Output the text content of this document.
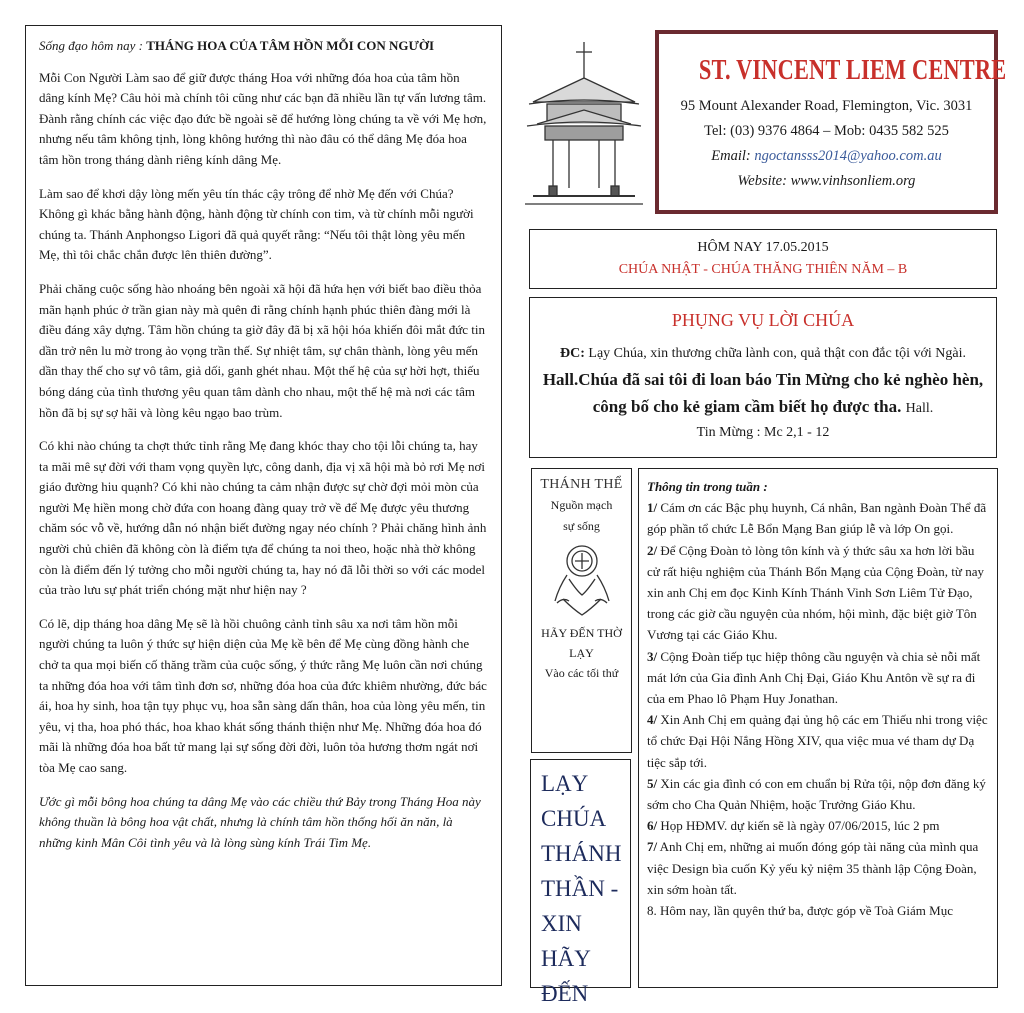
Sống đạo hôm nay : THÁNG HOA CỦA TÂM HỒN MỖI CON NGƯỜI

Mỗi Con Người Làm sao để giữ được tháng Hoa với những đóa hoa của tâm hồn dâng kính Mẹ? Câu hỏi mà chính tôi cũng như các bạn đã nhiều lần tự vấn lương tâm. Đành rằng chính các việc đạo đức bề ngoài sẽ để hướng lòng chúng ta về với Mẹ hơn, nhưng nếu tâm không tịnh, lòng không hướng thì nào đâu có thể dâng Mẹ đóa hoa tâm hồn trong tháng dành riêng kính dâng Mẹ.

Làm sao để khơi dậy lòng mến yêu tín thác cậy trông để nhờ Mẹ đến với Chúa? Không gì khác bằng hành động, hành động từ chính con tim, và từ chính mỗi người chúng ta. Thánh Anphongso Ligori đã quả quyết rằng: “Nếu tôi thật lòng yêu mến Mẹ, thì tôi chắc chắn được lên thiên đường”.

Phải chăng cuộc sống hào nhoáng bên ngoài xã hội đã hứa hẹn với biết bao điều thỏa mãn hạnh phúc ở trần gian này mà quên đi rằng chính hạnh phúc thiên đàng mới là điều đáng xây dựng. Tâm hồn chúng ta giờ đây đã bị xã hội hóa khiến đôi mắt đức tin dần trở nên lu mờ trong ảo vọng trần thế. Sự nhiệt tâm, sự chân thành, lòng yêu mến dần thay thế cho sự vô tâm, giả dối, ganh ghét nhau. Một thế hệ của sự hời hợt, thiếu bóng dáng của tình thương yêu quan tâm dành cho nhau, một thế hệ mà nơi các tâm hồn đã bị sự sợ hãi và lòng kêu ngạo bao trùm.

Có khi nào chúng ta chợt thức tỉnh rằng Mẹ đang khóc thay cho tội lỗi chúng ta, hay ta mãi mê sự đời với tham vọng quyền lực, công danh, địa vị xã hội mà bỏ rơi Mẹ nơi giáo đường hiu quạnh? Có khi nào chúng ta cảm nhận được sự chờ đợi mỏi mòn của người Mẹ hiền mong chờ đứa con hoang đàng quay trở về để Mẹ được yêu thương chăm sóc vỗ về, hướng dẫn nó nhận biết đường ngay néo chính ? Phải chăng hình ảnh người chủ chiên đã không còn là điểm tựa để chúng ta noi theo, hoặc nhà thờ không còn là điểm đến lý tưởng cho mỗi người chúng ta, hay nó đã lỗi thời so với các model của trào lưu sự phát triển chóng mặt như hiện nay ?

Có lẽ, dịp tháng hoa dâng Mẹ sẽ là hồi chuông cảnh tỉnh sâu xa nơi tâm hồn mỗi người chúng ta luôn ý thức sự hiện diện của Mẹ kề bên để Mẹ cùng đồng hành che chở ta qua mọi biến cố thăng trầm của cuộc sống, ý thức rằng Mẹ luôn cần nơi chúng ta những đóa hoa với tâm tình đơn sơ, những đóa hoa của đức khiêm nhường, đức bác ái, hoa hy sinh, hoa tận tụy phục vụ, hoa sẵn sàng dấn thân, hoa của lòng yêu mến, tin yêu, vị tha, hoa phó thác, hoa khao khát sống thánh thiện như Mẹ. Những đóa hoa đó mãi là những đóa hoa bất tử mang lại sự sống đời đời, luôn tỏa hương thơm ngát nơi tòa Mẹ cao sang.

Ước gì mỗi bông hoa chúng ta dâng Mẹ vào các chiều thứ Bảy trong Tháng Hoa này không thuần là bông hoa vật chất, nhưng là chính tâm hồn thống hối ăn năn, là những kinh Mân Côi tình yêu và là lòng sùng kính Trái Tim Mẹ.

ST. VINCENT LIEM CENTRE
95 Mount Alexander Road, Flemington, Vic. 3031
Tel: (03) 9376 4864 – Mob: 0435 582 525
Email: ngoctansss2014@yahoo.com.au
Website: www.vinhsonliem.org
HÔM NAY 17.05.2015
CHÚA NHẬT - CHÚA THĂNG THIÊN NĂM – B
PHỤNG VỤ LỜI CHÚA
ĐC: Lạy Chúa, xin thương chữa lành con, quả thật con đắc tội với Ngài.
Hall.Chúa đã sai tôi đi loan báo Tin Mừng cho kẻ nghèo hèn, công bố cho kẻ giam cầm biết họ được tha. Hall.
Tin Mừng : Mc 2,1 - 12
THÁNH THỂ
Nguồn mạch
sự sống
HÃY ĐẾN THỜ
LẠY
Vào các tối thứ
LẠY
CHÚA
THÁNH
THẦN -
XIN HÃY
ĐẾN
Thông tin trong tuần :
1/ Cám ơn các Bậc phụ huynh, Cá nhân, Ban ngành Đoàn Thể đã góp phần tổ chức Lễ Bổn Mạng Ban giúp lễ và lớp On gọi.
2/ Để Cộng Đoàn tỏ lòng tôn kính và ý thức sâu xa hơn lời bầu cử rất hiệu nghiệm của Thánh Bổn Mạng của Cộng Đoàn, từ nay xin anh Chị em đọc Kinh Kính Thánh Vinh Sơn Liêm Tử Đạo, trong các giờ cầu nguyện của nhóm, hội mình, đặc biệt giờ Tôn Vương tại các Giáo Khu.
3/ Cộng Đoàn tiếp tục hiệp thông cầu nguyện và chia sẻ nỗi mất mát lớn của Gia đình Anh Chị Đại, Giáo Khu Antôn về sự ra đi của em Phao lô Phạm Huy Jonathan.
4/ Xin Anh Chị em quảng đại ủng hộ các em Thiếu nhi trong việc tổ chức Đại Hội Nắng Hồng XIV, qua việc mua vé tham dự Dạ tiệc sắp tới.
5/ Xin các gia đình có con em chuẩn bị Rửa tội, nộp đơn đăng ký sớm cho Cha Quản Nhiệm, hoặc Trưởng Giáo Khu.
6/ Họp HĐMV. dự kiến sẽ là ngày 07/06/2015, lúc 2 pm
7/ Anh Chị em, những ai muốn đóng góp tài năng của mình qua việc Design bìa cuốn Kỷ yếu kỷ niệm 35 thành lập Cộng Đoàn, xin sớm hoàn tất.
8. Hôm nay, lần quyên thứ ba, được góp về Toà Giám Mục
